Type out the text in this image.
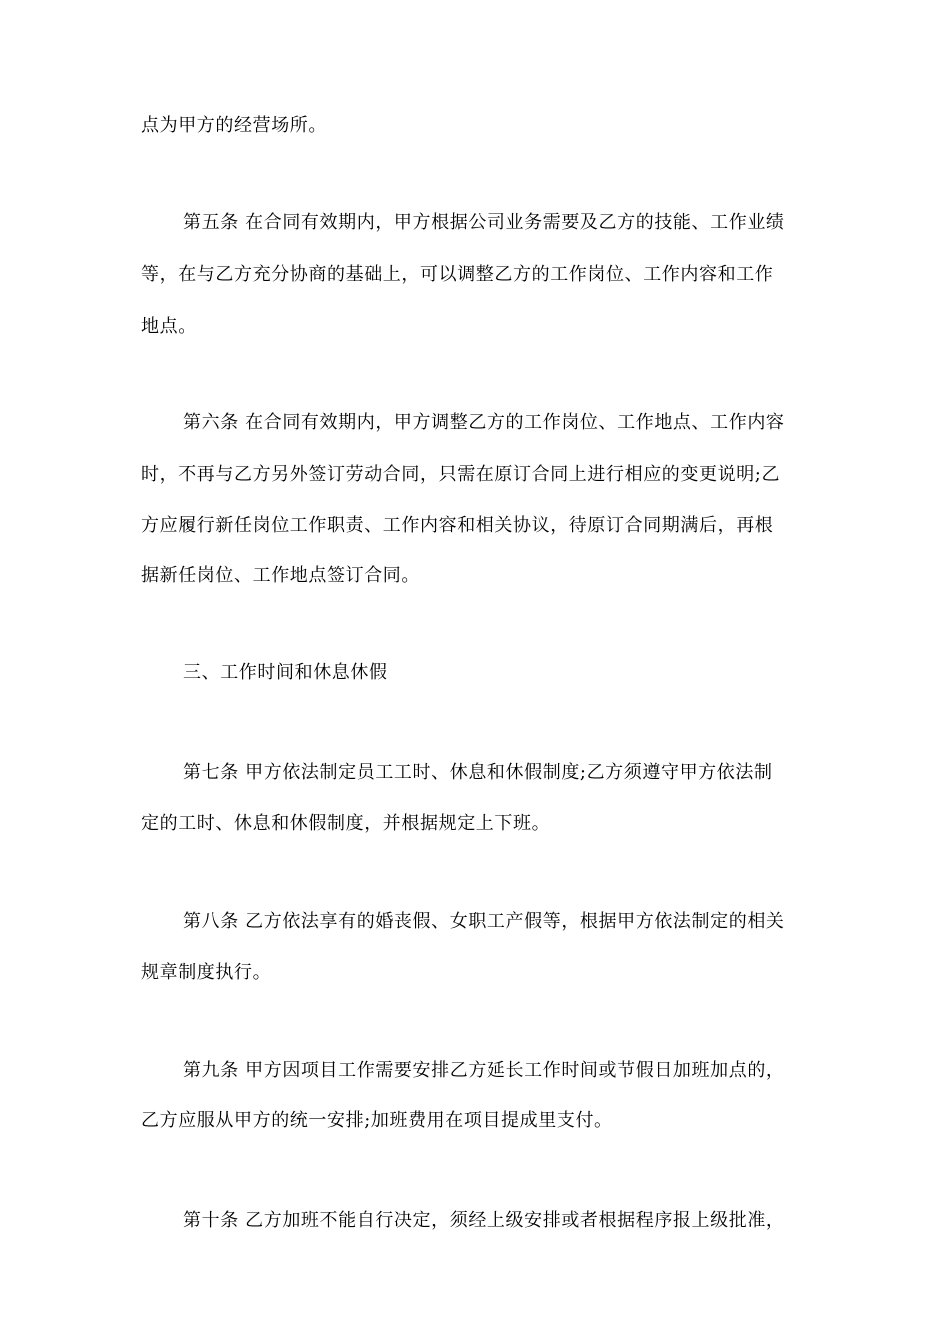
点为甲方的经营场所。
第五条 在合同有效期内，甲方根据公司业务需要及乙方的技能、工作业绩
等，在与乙方充分协商的基础上，可以调整乙方的工作岗位、工作内容和工作
地点。
第六条 在合同有效期内，甲方调整乙方的工作岗位、工作地点、工作内容
时，不再与乙方另外签订劳动合同，只需在原订合同上进行相应的变更说明;乙
方应履行新任岗位工作职责、工作内容和相关协议，待原订合同期满后，再根
据新任岗位、工作地点签订合同。
三、工作时间和休息休假
第七条 甲方依法制定员工工时、休息和休假制度;乙方须遵守甲方依法制
定的工时、休息和休假制度，并根据规定上下班。
第八条 乙方依法享有的婚丧假、女职工产假等，根据甲方依法制定的相关
规章制度执行。
第九条 甲方因项目工作需要安排乙方延长工作时间或节假日加班加点的，
乙方应服从甲方的统一安排;加班费用在项目提成里支付。
第十条 乙方加班不能自行决定，须经上级安排或者根据程序报上级批准，
